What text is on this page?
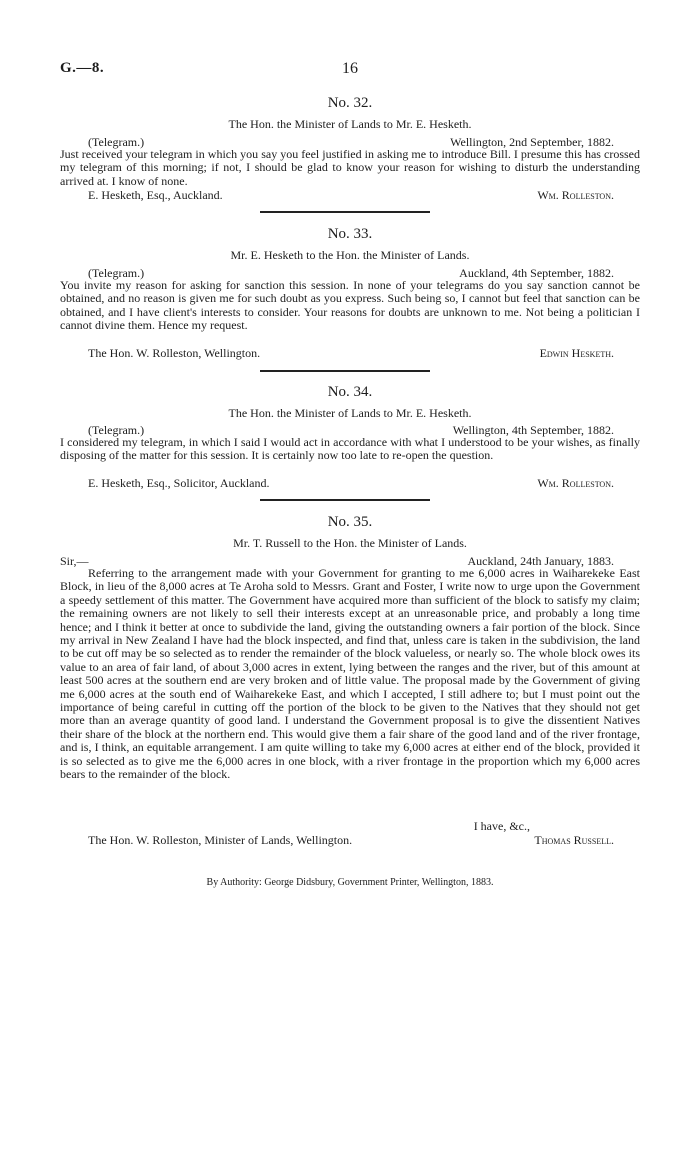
G.—8.	16
No. 32.
The Hon. the Minister of Lands to Mr. E. Hesketh.
(Telegram.)	Wellington, 2nd September, 1882.

Just received your telegram in which you say you feel justified in asking me to introduce Bill. I presume this has crossed my telegram of this morning; if not, I should be glad to know your reason for wishing to disturb the understanding arrived at. I know of none.

E. Hesketh, Esq., Auckland.	Wm. Rolleston.
No. 33.
Mr. E. Hesketh to the Hon. the Minister of Lands.
(Telegram.)	Auckland, 4th September, 1882.

You invite my reason for asking for sanction this session. In none of your telegrams do you say sanction cannot be obtained, and no reason is given me for such doubt as you express. Such being so, I cannot but feel that sanction can be obtained, and I have client's interests to consider. Your reasons for doubts are unknown to me. Not being a politician I cannot divine them. Hence my request.

The Hon. W. Rolleston, Wellington.	Edwin Hesketh.
No. 34.
The Hon. the Minister of Lands to Mr. E. Hesketh.
(Telegram.)	Wellington, 4th September, 1882.

I considered my telegram, in which I said I would act in accordance with what I understood to be your wishes, as finally disposing of the matter for this session. It is certainly now too late to re-open the question.

E. Hesketh, Esq., Solicitor, Auckland.	Wm. Rolleston.
No. 35.
Mr. T. Russell to the Hon. the Minister of Lands.
Sir,—	Auckland, 24th January, 1883.

Referring to the arrangement made with your Government for granting to me 6,000 acres in Waiharekeke East Block, in lieu of the 8,000 acres at Te Aroha sold to Messrs. Grant and Foster, I write now to urge upon the Government a speedy settlement of this matter. The Government have acquired more than sufficient of the block to satisfy my claim; the remaining owners are not likely to sell their interests except at an unreasonable price, and probably a long time hence; and I think it better at once to subdivide the land, giving the outstanding owners a fair portion of the block. Since my arrival in New Zealand I have had the block inspected, and find that, unless care is taken in the subdivision, the land to be cut off may be so selected as to render the remainder of the block valueless, or nearly so. The whole block owes its value to an area of fair land, of about 3,000 acres in extent, lying between the ranges and the river, but of this amount at least 500 acres at the southern end are very broken and of little value. The proposal made by the Government of giving me 6,000 acres at the south end of Waiharekeke East, and which I accepted, I still adhere to; but I must point out the importance of being careful in cutting off the portion of the block to be given to the Natives that they should not get more than an average quantity of good land. I understand the Government proposal is to give the dissentient Natives their share of the block at the northern end. This would give them a fair share of the good land and of the river frontage, and is, I think, an equitable arrangement. I am quite willing to take my 6,000 acres at either end of the block, provided it is so selected as to give me the 6,000 acres in one block, with a river frontage in the proportion which my 6,000 acres bears to the remainder of the block.

I have, &c.,
The Hon. W. Rolleston, Minister of Lands, Wellington.	Thomas Russell.
By Authority: George Didsbury, Government Printer, Wellington, 1883.
